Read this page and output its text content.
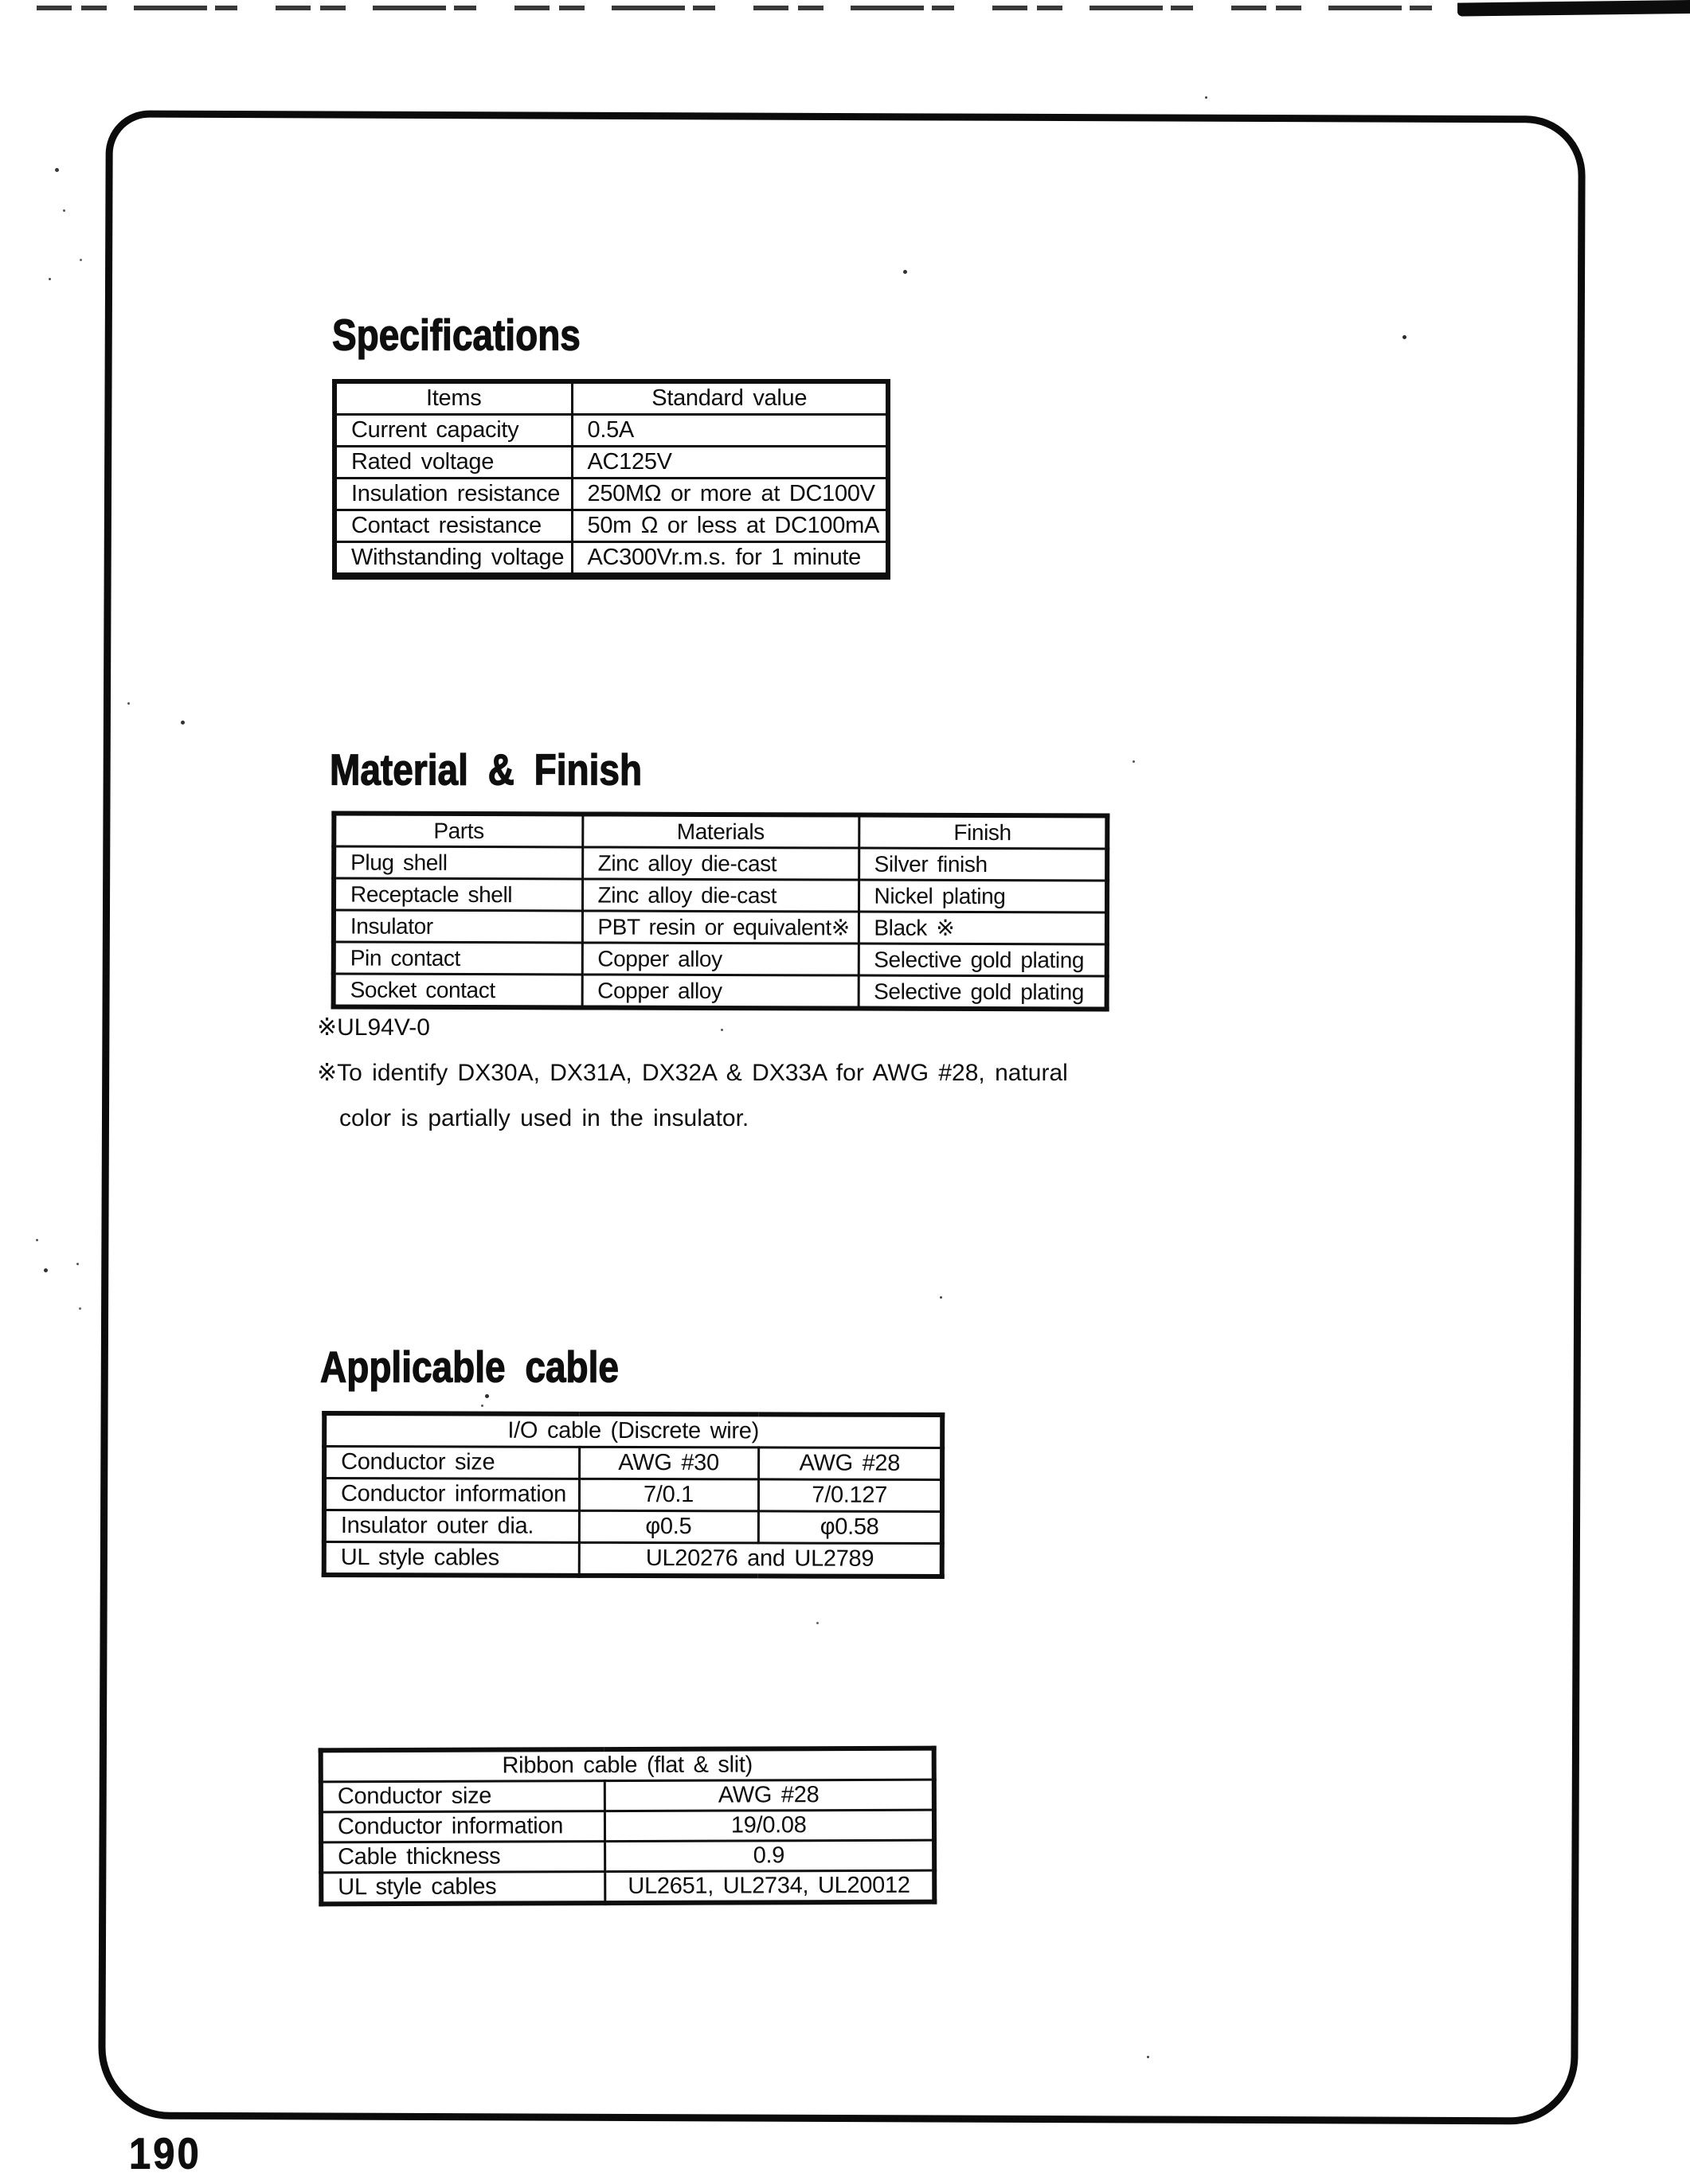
Specifications
Items	Standard value
Current capacity	0.5A
Rated voltage	AC125V
Insulation resistance	250MΩ or more at DC100V
Contact resistance	50m Ω or less at DC100mA
Withstanding voltage	AC300Vr.m.s. for 1 minute
Material & Finish
Parts	Materials	Finish
Plug shell	Zinc alloy die-cast	Silver finish
Receptacle shell	Zinc alloy die-cast	Nickel plating
Insulator	PBT resin or equivalent※	Black ※
Pin contact	Copper alloy	Selective gold plating
Socket contact	Copper alloy	Selective gold plating

※UL94V-0

※To identify DX30A, DX31A, DX32A & DX33A for AWG #28, natural color is partially used in the insulator.

Applicable cable
I/O cable (Discrete wire)		
Conductor size	AWG #30	AWG #28
Conductor information	7/0.1	7/0.127
Insulator outer dia.	φ0.5	φ0.58
UL style cables	UL20276 and UL2789	
Ribbon cable (flat & slit)	
Conductor size	AWG #28
Conductor information	19/0.08
Cable thickness	0.9
UL style cables	UL2651, UL2734, UL20012
190
